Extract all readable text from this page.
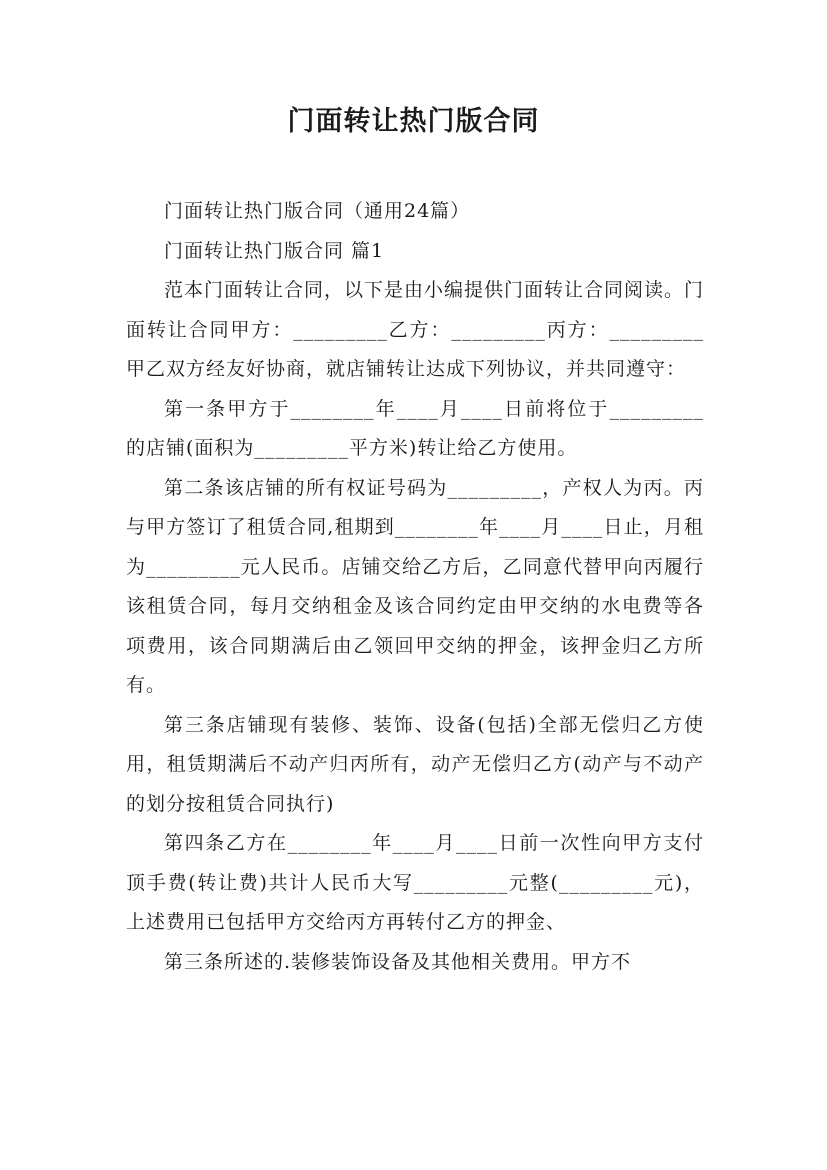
门面转让热门版合同

门面转让热门版合同（通用24篇）

门面转让热门版合同 篇1

范本门面转让合同，以下是由小编提供门面转让合同阅读。门面转让合同甲方：_________乙方：_________丙方：_________甲乙双方经友好协商，就店铺转让达成下列协议，并共同遵守：

第一条甲方于________年____月____日前将位于_________的店铺(面积为_________平方米)转让给乙方使用。

第二条该店铺的所有权证号码为_________，产权人为丙。丙与甲方签订了租赁合同,租期到________年____月____日止，月租为_________元人民币。店铺交给乙方后，乙同意代替甲向丙履行该租赁合同，每月交纳租金及该合同约定由甲交纳的水电费等各项费用，该合同期满后由乙领回甲交纳的押金，该押金归乙方所有。

第三条店铺现有装修、装饰、设备(包括)全部无偿归乙方使用，租赁期满后不动产归丙所有，动产无偿归乙方(动产与不动产的划分按租赁合同执行)

第四条乙方在________年____月____日前一次性向甲方支付顶手费(转让费)共计人民币大写_________元整(_________元)，上述费用已包括甲方交给丙方再转付乙方的押金、

第三条所述的.装修装饰设备及其他相关费用。甲方不
